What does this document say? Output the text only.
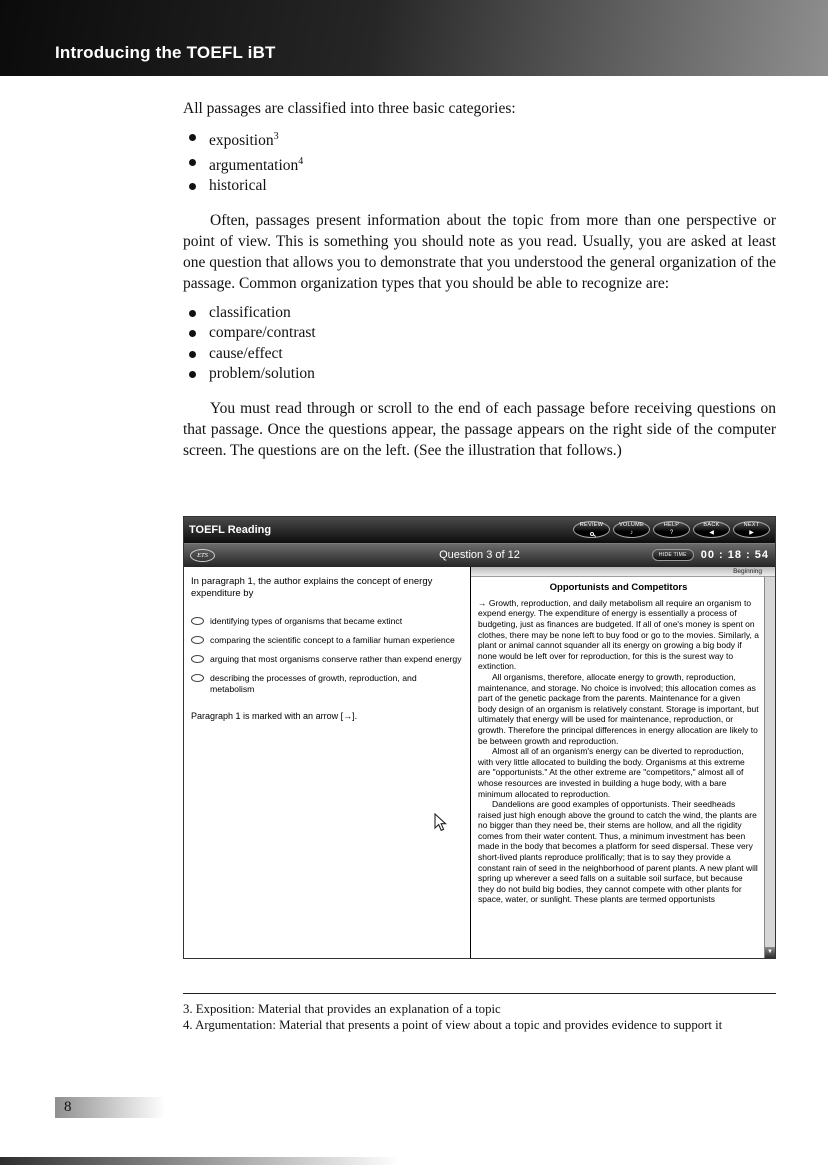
Introducing the TOEFL iBT

All passages are classified into three basic categories:

exposition$^3$
argumentation$^4$
historical

Often, passages present information about the topic from more than one perspective or point of view. This is something you should note as you read. Usually, you are asked at least one question that allows you to demonstrate that you understood the general organization of the passage. Common organization types that you should be able to recognize are:

classification
compare/contrast
cause/effect
problem/solution

You must read through or scroll to the end of each passage before receiving questions on that passage. Once the questions appear, the passage appears on the right side of the computer screen. The questions are on the left. (See the illustration that follows.)

TOEFL Reading	REVIEW	VOLUME
♪
HELP
?
BACK
◀
NEXT
▶
ETS	Question 3 of 12	HIDE TIME	00 : 18 : 54

In paragraph 1, the author explains the concept of energy expenditure by

identifying types of organisms that became extinct
comparing the scientific concept to a familiar human experience
arguing that most organisms conserve rather than expend energy
describing the processes of growth, reproduction, and metabolism

Paragraph 1 is marked with an arrow [→].

Beginning
Opportunists and Competitors

→ Growth, reproduction, and daily metabolism all require an organism to expend energy. The expenditure of energy is essentially a process of budgeting, just as finances are budgeted. If all of one's money is spent on clothes, there may be none left to buy food or go to the movies. Similarly, a plant or animal cannot squander all its energy on growing a big body if none would be left over for reproduction, for this is the surest way to extinction.

All organisms, therefore, allocate energy to growth, reproduction, maintenance, and storage. No choice is involved; this allocation comes as part of the genetic package from the parents. Maintenance for a given body design of an organism is relatively constant. Storage is important, but ultimately that energy will be used for maintenance, reproduction, or growth. Therefore the principal differences in energy allocation are likely to be between growth and reproduction.

Almost all of an organism's energy can be diverted to reproduction, with very little allocated to building the body. Organisms at this extreme are "opportunists." At the other extreme are "competitors," almost all of whose resources are invested in building a huge body, with a bare minimum allocated to reproduction.

Dandelions are good examples of opportunists. Their seedheads raised just high enough above the ground to catch the wind, the plants are no bigger than they need be, their stems are hollow, and all the rigidity comes from their water content. Thus, a minimum investment has been made in the body that becomes a platform for seed dispersal. These very short-lived plants reproduce prolifically; that is to say they provide a constant rain of seed in the neighborhood of parent plants. A new plant will spring up wherever a seed falls on a suitable soil surface, but because they do not build big bodies, they cannot compete with other plants for space, water, or sunlight. These plants are termed opportunists

▼

3. Exposition: Material that provides an explanation of a topic

4. Argumentation: Material that presents a point of view about a topic and provides evidence to support it

8
